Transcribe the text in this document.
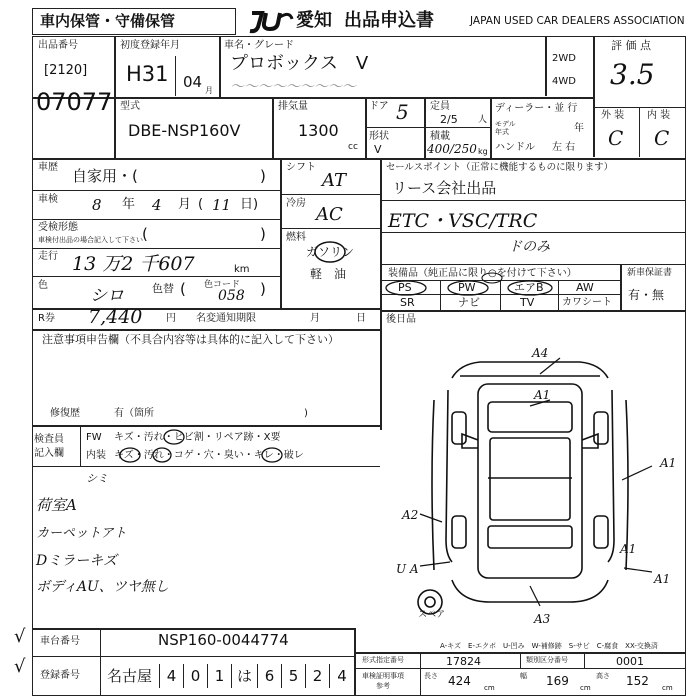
車内保管・守備保管	愛知 出品申込書	JAPAN USED CAR DEALERS ASSOCIATION
出品番号
[2120]
07077
初度登録年月
H31 04 月
車名・グレード
プロボックス　V
～～～～～～～～～
2WD
4WD
評 価 点
3.5
外 装 内 装
C C
型式
DBE-NSP160V
排気量
1300
cc
ドア 5
形状
V
定員
2/5 人
積載
400/250 kg
ディーラー・並 行
モデル
年式	年
ハンドル 左 右
車歴 自家用・(	)
車検 8 年 4 月 ( 11 日)
受検形態
車検付出品の場合記入して下さい (	)
走行 13 万2 千607	km
色
シロ	色替 ( 色コード
058 )
シフト
AT
冷房
AC
燃料
ガソリン
軽　油
R券 7,440 円 名変通知期限	月	日
注意事項申告欄（不具合内容等は具体的に記入して下さい）
修復歴	有（箇所	)
検査員
記入欄
FW キズ・汚れ・ヒビ割・リペア跡・X要
内装 キズ・汚れ・コゲ・穴・臭い・キレ・破レ
シミ
荷室A
カーペットアト
Dミラーキズ
ボディAU、ツヤ無し
セールスポイント（正常に機能するものに限ります）
リース会社出品
ETC・VSC/TRC
ドのみ
装備品（純正品に限り○を付けて下さい）
PS	PW	エアB	AW
SR	ナビ	TV	カワシート
新車保証書
有・無
後日品
A4
A1
A1
A2
U A
A1
A1
A3
スペア
A-キズ　E-エクボ　U-凹み　W-補修跡　S-サビ　C-腐食　XX-交換済
√
√
車台番号	NSP160-0044774
登録番号	名古屋 4 0 1 は 6 5 2 4
形式指定番号	17824	類別区分番号	0001
車検証明事項
参考
長さ 424 cm
幅 169 cm
高さ 152 cm
